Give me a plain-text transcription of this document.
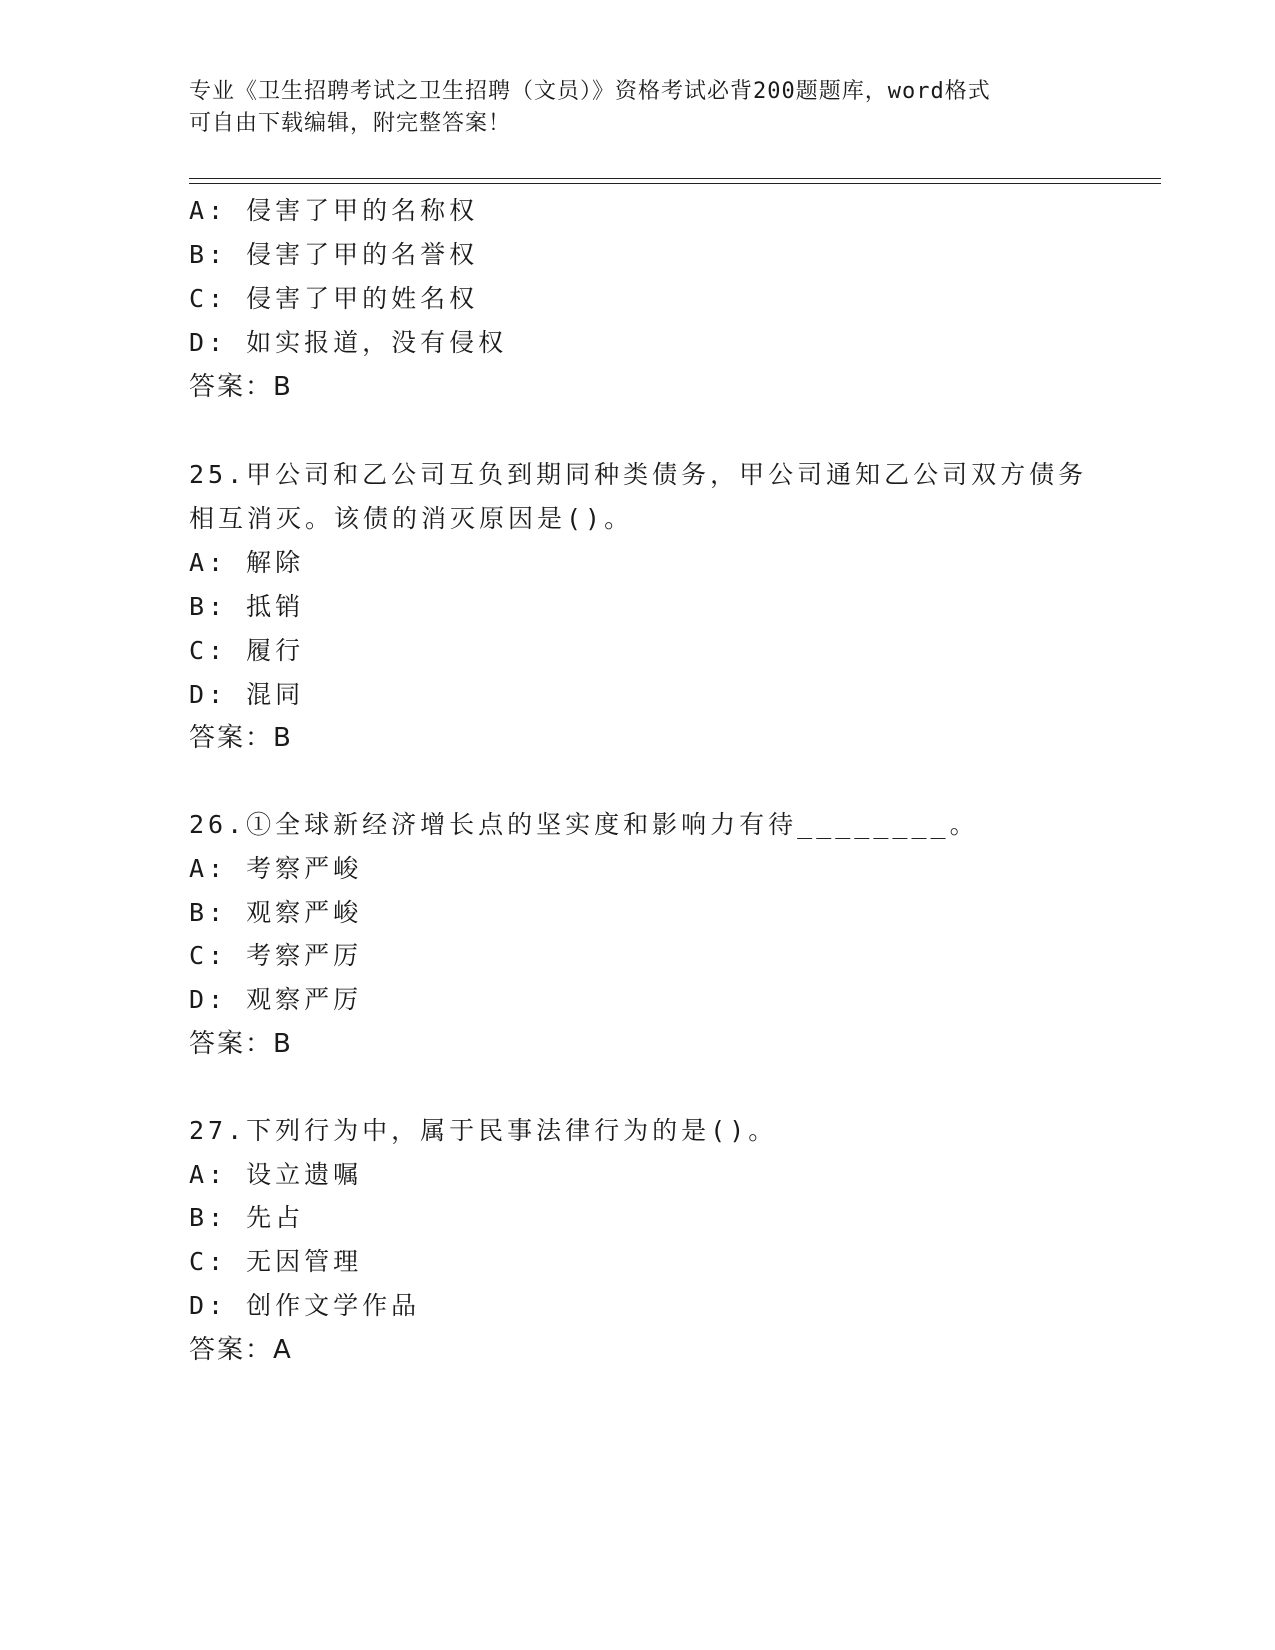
专业《卫生招聘考试之卫生招聘（文员）》资格考试必背200题题库，word格式
可自由下载编辑，附完整答案！
A: 侵害了甲的名称权
B: 侵害了甲的名誉权
C: 侵害了甲的姓名权
D: 如实报道，没有侵权
答案：B
25.甲公司和乙公司互负到期同种类债务，甲公司通知乙公司双方债务
相互消灭。该债的消灭原因是()。
A: 解除
B: 抵销
C: 履行
D: 混同
答案：B
26.①全球新经济增长点的坚实度和影响力有待________。
A: 考察严峻
B: 观察严峻
C: 考察严厉
D: 观察严厉
答案：B
27.下列行为中，属于民事法律行为的是()。
A: 设立遗嘱
B: 先占
C: 无因管理
D: 创作文学作品
答案：A
